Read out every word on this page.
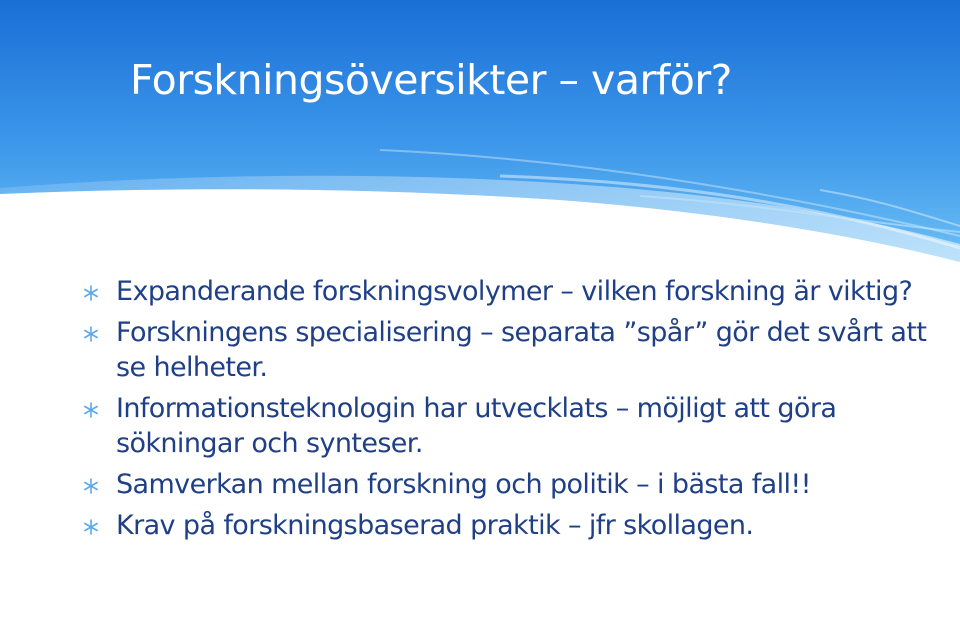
Forskningsöversikter – varför?
Expanderande forskningsvolymer – vilken forskning är viktig?
Forskningens specialisering – separata ”spår” gör det svårt att se helheter.
Informationsteknologin har utvecklats – möjligt att göra sökningar och synteser.
Samverkan mellan forskning och politik – i bästa fall!!
Krav på forskningsbaserad praktik – jfr skollagen.
